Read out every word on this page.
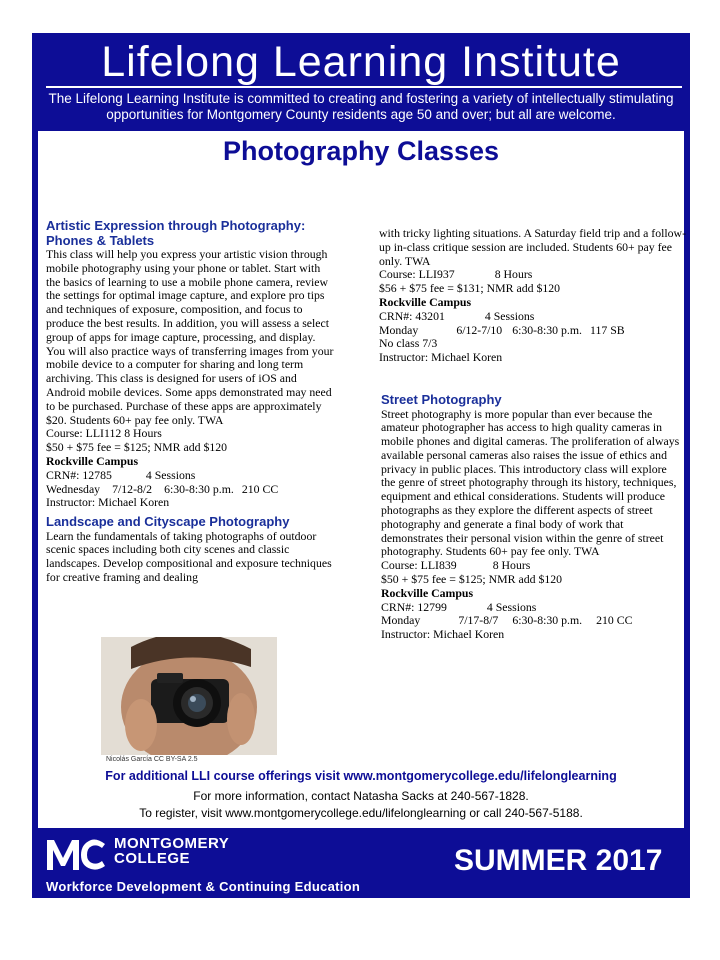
Lifelong Learning Institute
The Lifelong Learning Institute is committed to creating and fostering a variety of intellectually stimulating opportunities for Montgomery County residents age 50 and over; but all are welcome.
Photography Classes

Artistic Expression through Photography: Phones & Tablets

This class will help you express your artistic vision through mobile photography using your phone or tablet. Start with the basics of learning to use a mobile phone camera, review the settings for optimal image capture, and explore pro tips and techniques of exposure, composition, and focus to produce the best results. In addition, you will assess a select group of apps for image capture, processing, and display. You will also practice ways of transferring images from your mobile device to a computer for sharing and long term archiving. This class is designed for users of iOS and Android mobile devices. Some apps demonstrated may need to be purchased. Purchase of these apps are approximately $20. Students 60+ pay fee only. TWA

Course: LLI112 8 Hours

$50 + $75 fee = $125; NMR add $120

Rockville Campus

CRN#: 12785	4 Sessions

Wednesday 7/12-8/2 6:30-8:30 p.m. 210 CC

Instructor: Michael Koren

Landscape and Cityscape Photography

Learn the fundamentals of taking photographs of outdoor scenic spaces including both city scenes and classic landscapes. Develop compositional and exposure techniques for creative framing and dealing

with tricky lighting situations. A Saturday field trip and a follow-up in-class critique session are included. Students 60+ pay fee only. TWA

Course: LLI937	8 Hours

$56 + $75 fee = $131; NMR add $120

Rockville Campus

CRN#: 43201	4 Sessions

Monday	6/12-7/10 6:30-8:30 p.m. 117 SB

No class 7/3

Instructor: Michael Koren

Street Photography

Street photography is more popular than ever because the amateur photographer has access to high quality cameras in mobile phones and digital cameras. The proliferation of always available personal cameras also raises the issue of ethics and privacy in public places. This introductory class will explore the genre of street photography through its history, techniques, equipment and ethical considerations. Students will produce photographs as they explore the different aspects of street photography and generate a final body of work that demonstrates their personal vision within the genre of street photography. Students 60+ pay fee only. TWA

Course: LLI839	8 Hours

$50 + $75 fee = $125; NMR add $120

Rockville Campus

CRN#: 12799	4 Sessions

Monday	7/17-8/7 6:30-8:30 p.m. 210 CC

Instructor: Michael Koren

Nicolás García CC BY-SA 2.5
For additional LLI course offerings visit www.montgomerycollege.edu/lifelonglearning
For more information, contact Natasha Sacks at 240-567-1828.
To register, visit www.montgomerycollege.edu/lifelonglearning or call 240-567-5188.
MONTGOMERY
COLLEGE
Workforce Development & Continuing Education
SUMMER 2017
